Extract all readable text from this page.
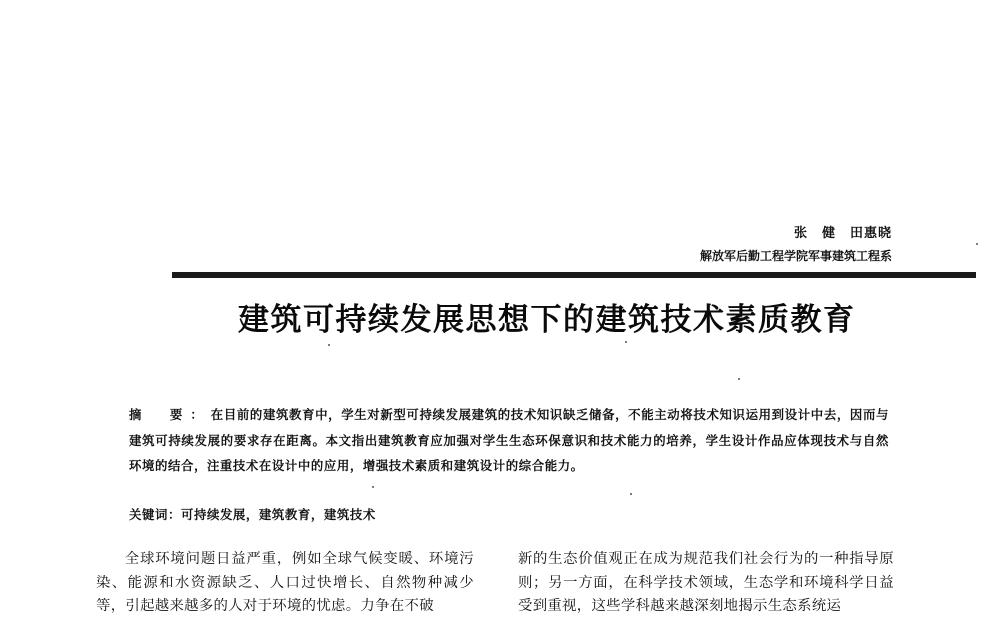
张　健　田惠晓
解放军后勤工程学院军事建筑工程系
建筑可持续发展思想下的建筑技术素质教育
摘　要：在目前的建筑教育中，学生对新型可持续发展建筑的技术知识缺乏储备，不能主动将技术知识运用到设计中去，因而与建筑可持续发展的要求存在距离。本文指出建筑教育应加强对学生生态环保意识和技术能力的培养，学生设计作品应体现技术与自然环境的结合，注重技术在设计中的应用，增强技术素质和建筑设计的综合能力。
关键词：可持续发展，建筑教育，建筑技术
全球环境问题日益严重，例如全球气候变暖、环境污染、能源和水资源缺乏、人口过快增长、自然物种减少等，引起越来越多的人对于环境的忧虑。力争在不破
新的生态价值观正在成为规范我们社会行为的一种指导原则；另一方面，在科学技术领域，生态学和环境科学日益受到重视，这些学科越来越深刻地揭示生态系统运
